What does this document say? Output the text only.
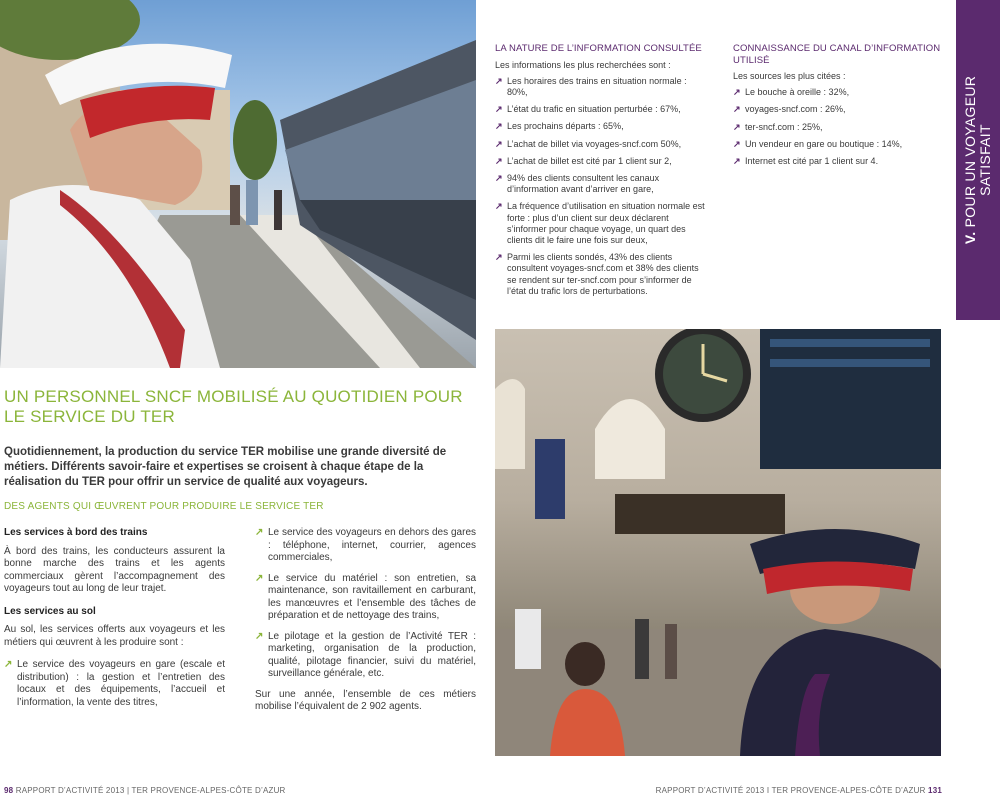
V. POUR UN VOYAGEUR
SATISFAIT
LA NATURE DE L’INFORMATION CONSULTÉE

Les informations les plus recherchées sont :

↗ Les horaires des trains en situation normale : 80%,
↗ L’état du trafic en situation perturbée : 67%,
↗ Les prochains départs : 65%,
↗ L’achat de billet via voyages-sncf.com 50%,
↗ L’achat de billet est cité par 1 client sur 2,
↗ 94% des clients consultent les canaux d’information avant d’arriver en gare,
↗ La fréquence d’utilisation en situation normale est forte : plus d’un client sur deux déclarent s’informer pour chaque voyage, un quart des clients dit le faire une fois sur deux,
↗ Parmi les clients sondés, 43% des clients consultent voyages-sncf.com et 38% des clients se rendent sur ter-sncf.com pour s’informer de l’état du trafic lors de perturbations.
CONNAISSANCE DU CANAL D’INFORMATION UTILISÉ

Les sources les plus citées :

↗ Le bouche à oreille : 32%,
↗ voyages-sncf.com : 26%,
↗ ter-sncf.com : 25%,
↗ Un vendeur en gare ou boutique : 14%,
↗ Internet est cité par 1 client sur 4.
UN PERSONNEL SNCF MOBILISÉ AU QUOTIDIEN POUR LE SERVICE DU TER
Quotidiennement, la production du service TER mobilise une grande diversité de métiers. Différents savoir-faire et expertises se croisent à chaque étape de la réalisation du TER pour offrir un service de qualité aux voyageurs.
DES AGENTS QUI ŒUVRENT POUR PRODUIRE LE SERVICE TER
Les services à bord des trains

À bord des trains, les conducteurs assurent la bonne marche des trains et les agents commerciaux gèrent l’accompagnement des voyageurs tout au long de leur trajet.

Les services au sol

Au sol, les services offerts aux voyageurs et les métiers qui œuvrent à les produire sont :

↗ Le service des voyageurs en gare (escale et distribution) : la gestion et l’entretien des locaux et des équipements, l’accueil et l’information, la vente des titres,
↗ Le service des voyageurs en dehors des gares : téléphone, internet, courrier, agences commerciales,
↗ Le service du matériel : son entretien, sa maintenance, son ravitaillement en carburant, les manœuvres et l’ensemble des tâches de préparation et de nettoyage des trains,
↗ Le pilotage et la gestion de l’Activité TER : marketing, organisation de la production, qualité, pilotage financier, suivi du matériel, surveillance générale, etc.

Sur une année, l’ensemble de ces métiers mobilise l’équivalent de 2 902 agents.

98 RAPPORT D’ACTIVITÉ 2013 | TER PROVENCE-ALPES-CÔTE D’AZUR	RAPPORT D’ACTIVITÉ 2013 I TER PROVENCE-ALPES-CÔTE D’AZUR 131
